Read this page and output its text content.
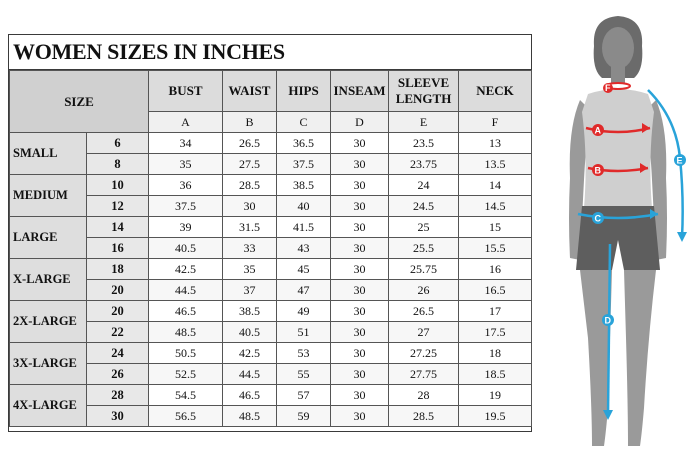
WOMEN SIZES IN INCHES
SIZE		BUST	WAIST	HIPS	INSEAM	SLEEVE LENGTH	NECK
		A	B	C	D	E	F
SMALL	6	34	26.5	36.5	30	23.5	13
	8	35	27.5	37.5	30	23.75	13.5
MEDIUM	10	36	28.5	38.5	30	24	14
	12	37.5	30	40	30	24.5	14.5
LARGE	14	39	31.5	41.5	30	25	15
	16	40.5	33	43	30	25.5	15.5
X-LARGE	18	42.5	35	45	30	25.75	16
	20	44.5	37	47	30	26	16.5
2X-LARGE	20	46.5	38.5	49	30	26.5	17
	22	48.5	40.5	51	30	27	17.5
3X-LARGE	24	50.5	42.5	53	30	27.25	18
	26	52.5	44.5	55	30	27.75	18.5
4X-LARGE	28	54.5	46.5	57	30	28	19
	30	56.5	48.5	59	30	28.5	19.5
F
A
B
C
D
E
